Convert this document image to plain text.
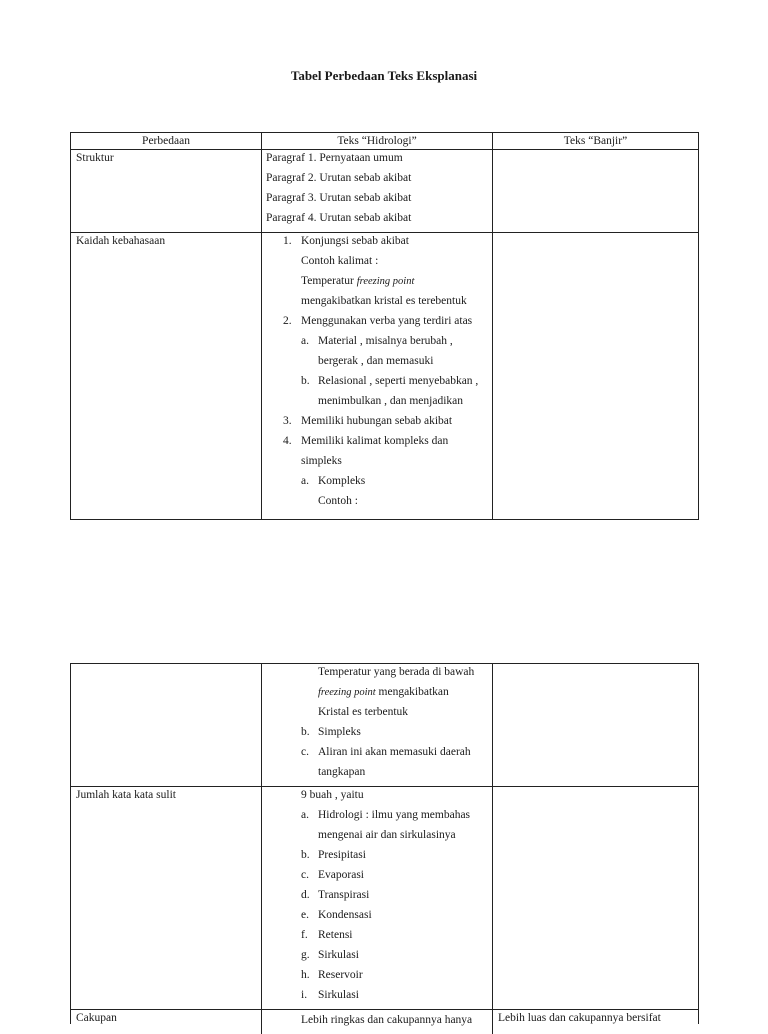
Tabel Perbedaan Teks Eksplanasi
Perbedaan	Teks “Hidrologi”	Teks “Banjir”
Struktur	Paragraf 1. Pernyataan umum
Paragraf 2. Urutan sebab akibat
Paragraf 3. Urutan sebab akibat
Paragraf 4. Urutan sebab akibat
Kaidah kebahasaan	1. Konjungsi sebab akibat
Contoh kalimat :
Temperatur freezing point
mengakibatkan kristal es terebentuk
2. Menggunakan verba yang terdiri atas
a. Material , misalnya berubah ,
bergerak , dan memasuki
b. Relasional , seperti menyebabkan ,
menimbulkan , dan menjadikan
3. Memiliki hubungan sebab akibat
4. Memiliki kalimat kompleks dan
simpleks
a. Kompleks
Contoh :
Temperatur yang berada di bawah
freezing point mengakibatkan
Kristal es terbentuk
b. Simpleks
c. Aliran ini akan memasuki daerah
tangkapan
Jumlah kata kata sulit	9 buah , yaitu
a. Hidrologi : ilmu yang membahas
mengenai air dan sirkulasinya
b. Presipitasi
c. Evaporasi
d. Transpirasi
e. Kondensasi
f. Retensi
g. Sirkulasi
h. Reservoir
i. Sirkulasi
Cakupan	Lebih ringkas dan cakupannya hanya	Lebih luas dan cakupannya bersifat
